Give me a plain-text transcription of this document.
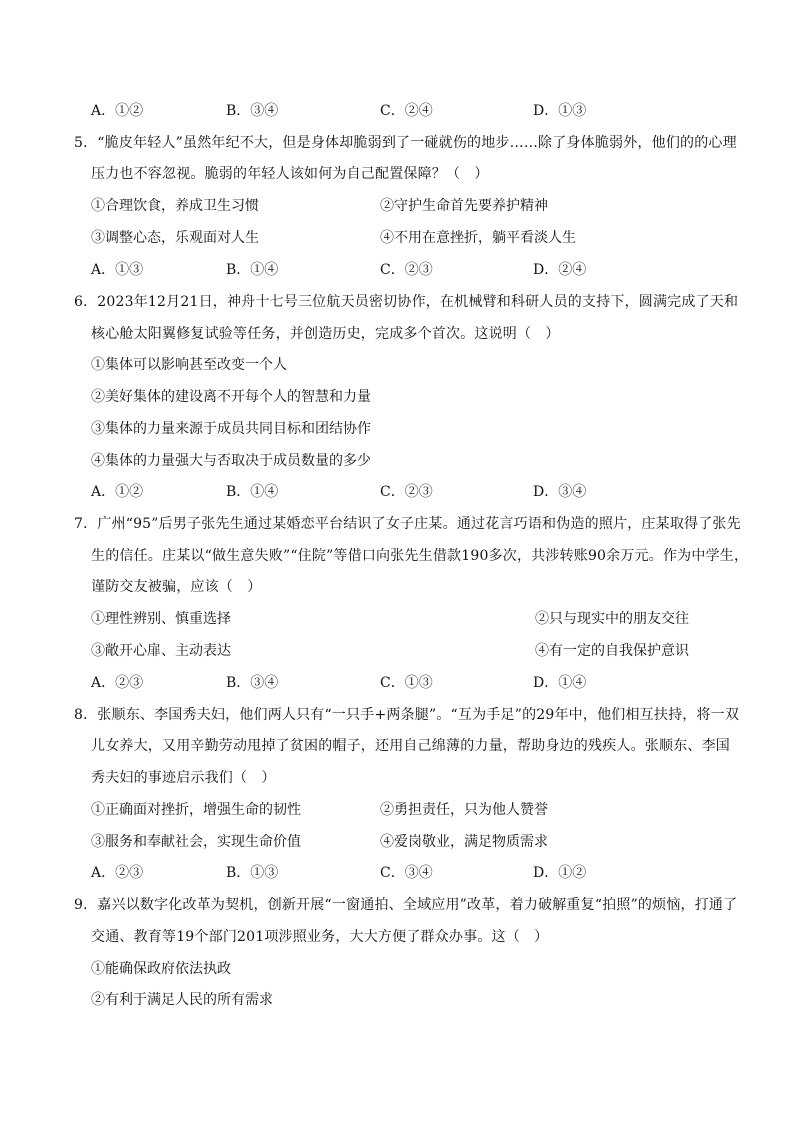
A．①②	B．③④	C．②④	D．①③
5．“脆皮年轻人”虽然年纪不大，但是身体却脆弱到了一碰就伤的地步……除了身体脆弱外，他们的的心理
压力也不容忽视。脆弱的年轻人该如何为自己配置保障？（　）
①合理饮食，养成卫生习惯	②守护生命首先要养护精神
③调整心态，乐观面对人生	④不用在意挫折，躺平看淡人生
A．①③	B．①④	C．②③	D．②④
6．2023年12月21日，神舟十七号三位航天员密切协作，在机械臂和科研人员的支持下，圆满完成了天和
核心舱太阳翼修复试验等任务，并创造历史，完成多个首次。这说明（　）
①集体可以影响甚至改变一个人
②美好集体的建设离不开每个人的智慧和力量
③集体的力量来源于成员共同目标和团结协作
④集体的力量强大与否取决于成员数量的多少
A．①②	B．①④	C．②③	D．③④
7．广州“95”后男子张先生通过某婚恋平台结识了女子庄某。通过花言巧语和伪造的照片，庄某取得了张先
生的信任。庄某以“做生意失败”“住院”等借口向张先生借款190多次，共涉转账90余万元。作为中学生，
谨防交友被骗，应该（　）
①理性辨别、慎重选择	②只与现实中的朋友交往
③敞开心扉、主动表达	④有一定的自我保护意识
A．②③	B．③④	C．①③	D．①④
8．张顺东、李国秀夫妇，他们两人只有“一只手+两条腿”。“互为手足”的29年中，他们相互扶持，将一双
儿女养大，又用辛勤劳动甩掉了贫困的帽子，还用自己绵薄的力量，帮助身边的残疾人。张顺东、李国
秀夫妇的事迹启示我们（　）
①正确面对挫折，增强生命的韧性	②勇担责任，只为他人赞誉
③服务和奉献社会，实现生命价值	④爱岗敬业，满足物质需求
A．②③	B．①③	C．③④	D．①②
9．嘉兴以数字化改革为契机，创新开展“一窗通拍、全域应用”改革，着力破解重复“拍照”的烦恼，打通了
交通、教育等19个部门201项涉照业务，大大方便了群众办事。这（　）
①能确保政府依法执政
②有利于满足人民的所有需求
